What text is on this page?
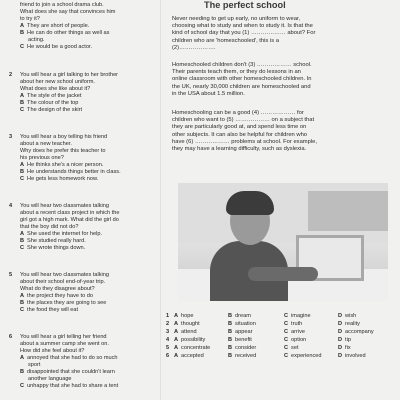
friend to join a school drama club.
What does she say that convinces him
to try it?
A They are short of people.
B He can do other things as well as
acting.
C He would be a good actor.
2	You will hear a girl talking to her brother
about her new school uniform.
What does she like about it?
A The style of the jacket
B The colour of the top
C The design of the skirt
3	You will hear a boy telling his friend
about a new teacher.
Why does he prefer this teacher to
his previous one?
A He thinks she's a nicer person.
B He understands things better in class.
C He gets less homework now.
4	You will hear two classmates talking
about a recent class project in which the
girl got a high mark. What did the girl do
that the boy did not do?
A She used the internet for help.
B She studied really hard.
C She wrote things down.
5	You will hear two classmates talking
about their school end-of-year trip.
What do they disagree about?
A the project they have to do
B the places they are going to see
C the food they will eat
6	You will hear a girl telling her friend
about a summer camp she went on.
How did she feel about it?
A annoyed that she had to do so much
sport
B disappointed that she couldn't learn
another language
C unhappy that she had to share a tent
The perfect school

Never needing to get up early, no uniform to wear,
choosing what to study and when to study it. Is that the
kind of school day that you (1) ……………… about? For
children who are 'homeschooled', this is a
(2)……………….

Homeschooled children don't (3) ……………… school.
Their parents teach them, or they do lessons in an
online classroom with other homeschooled children. In
the UK, nearly 30,000 children are homeschooled and
in the USA about 1.5 million.

Homeschooling can be a good (4) ……………… for
children who want to (5) ……………… on a subject that
they are particularly good at, and spend less time on
other subjects. It can also be helpful for children who
have (6) ……………… problems at school. For example,
they may have a learning difficulty, such as dyslexia.

1 A hope	B dream	C imagine	D wish
2 A thought	B situation	C truth	D reality
3 A attend	B appear	C arrive	D accompany
4 A possibility	B benefit	C option	D tip
5 A concentrate	B consider	C set	D fix
6 A accepted	B received	C experienced	D involved
